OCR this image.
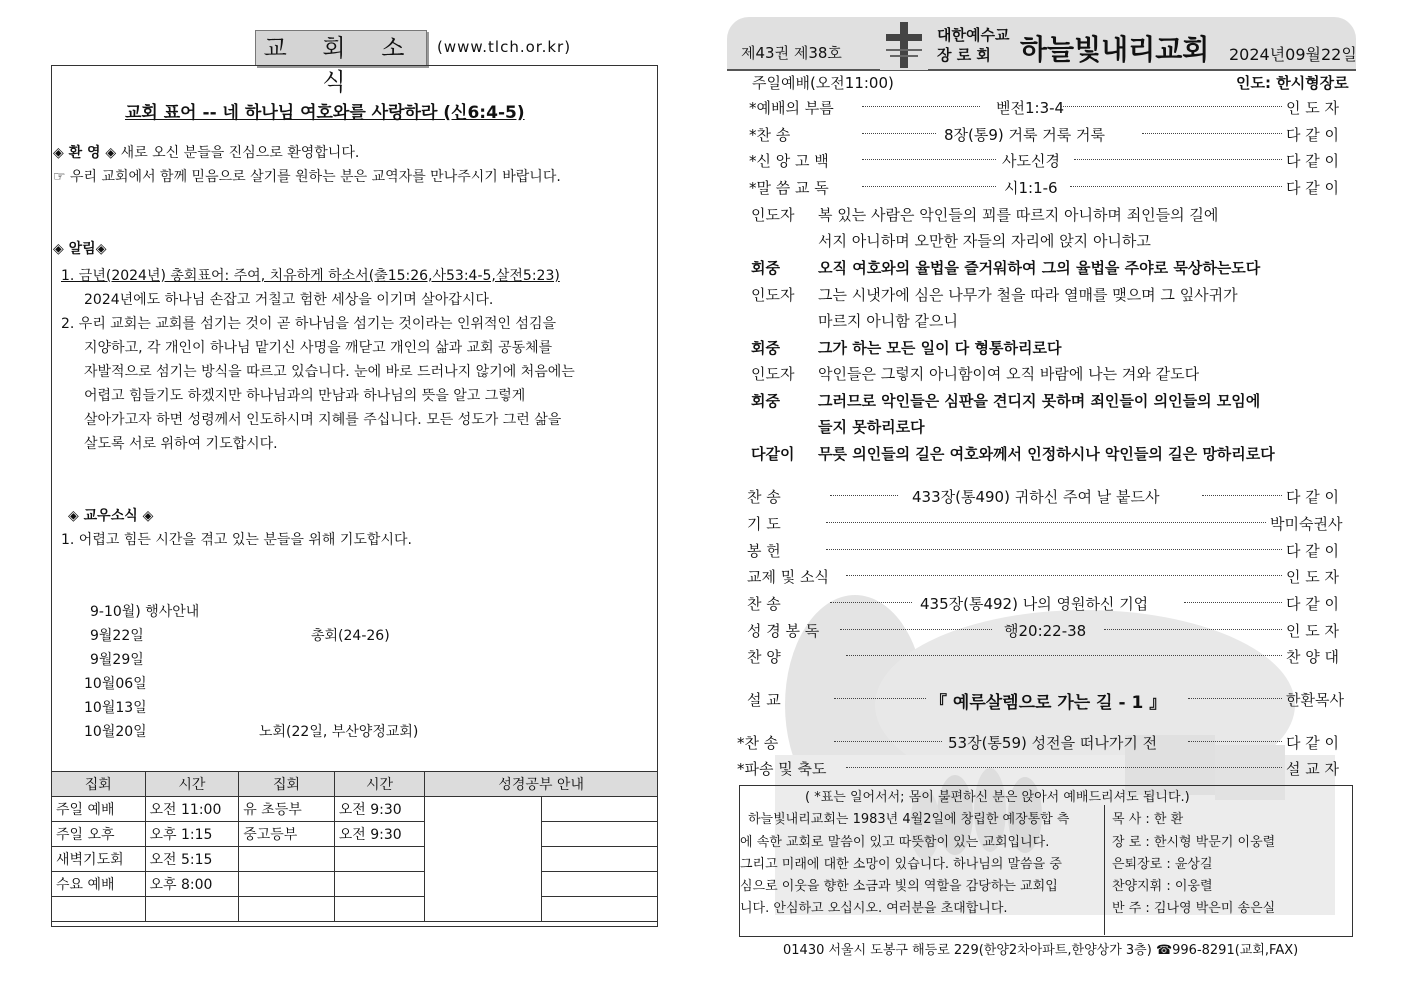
교 회 소 식
(www.tlch.or.kr)
교회 표어 -- 네 하나님 여호와를 사랑하라 (신6:4-5)
◈ 환 영 ◈ 새로 오신 분들을 진심으로 환영합니다.
☞ 우리 교회에서 함께 믿음으로 살기를 원하는 분은 교역자를 만나주시기 바랍니다.
◈ 알림◈
1. 금년(2024년) 총회표어: 주여, 치유하게 하소서(출15:26,사53:4-5,살전5:23)
2024년에도 하나님 손잡고 거칠고 험한 세상을 이기며 살아갑시다.
2. 우리 교회는 교회를 섬기는 것이 곧 하나님을 섬기는 것이라는 인위적인 섬김을
지양하고, 각 개인이 하나님 맡기신 사명을 깨닫고 개인의 삶과 교회 공동체를
자발적으로 섬기는 방식을 따르고 있습니다. 눈에 바로 드러나지 않기에 처음에는
어렵고 힘들기도 하겠지만 하나님과의 만남과 하나님의 뜻을 알고 그렇게
살아가고자 하면 성령께서 인도하시며 지혜를 주십니다. 모든 성도가 그런 삶을
살도록 서로 위하여 기도합시다.
◈ 교우소식 ◈
1. 어렵고 힘든 시간을 겪고 있는 분들을 위해 기도합시다.
9-10월) 행사안내
9월22일	총회(24-26)
9월29일
10월06일
10월13일
10월20일	노회(22일, 부산양정교회)
집회	시간	집회	시간	성경공부 안내	
주일 예배	오전 11:00	유 초등부	오전 9:30		
주일 오후	오후 1:15	중고등부	오전 9:30		
새벽기도회	오전 5:15				
수요 예배	오후 8:00				

제43권 제38호
대한예수교
장 로 회 하늘빛내리교회 2024년09월22일
주일예배(오전11:00)	인도: 한시형장로
*예배의 부름	벧전1:3-4	인 도 자
*찬 송	8장(통9) 거룩 거룩 거룩	다 같 이
*신 앙 고 백	사도신경	다 같 이
*말 씀 교 독	시1:1-6	다 같 이
인도자 복 있는 사람은 악인들의 꾀를 따르지 아니하며 죄인들의 길에
서지 아니하며 오만한 자들의 자리에 앉지 아니하고
회중	오직 여호와의 율법을 즐거워하여 그의 율법을 주야로 묵상하는도다
인도자 그는 시냇가에 심은 나무가 철을 따라 열매를 맺으며 그 잎사귀가
마르지 아니함 같으니
회중	그가 하는 모든 일이 다 형통하리로다
인도자 악인들은 그렇지 아니함이여 오직 바람에 나는 겨와 같도다
회중	그러므로 악인들은 심판을 견디지 못하며 죄인들이 의인들의 모임에
들지 못하리로다
다같이 무릇 의인들의 길은 여호와께서 인정하시나 악인들의 길은 망하리로다
찬 송	433장(통490) 귀하신 주여 날 붙드사	다 같 이
기 도	박미숙권사
봉 헌	다 같 이
교제 및 소식	인 도 자
찬 송	435장(통492) 나의 영원하신 기업	다 같 이
성 경 봉 독	행20:22-38	인 도 자
찬 양	찬 양 대
설 교	『 예루살렘으로 가는 길 - 1 』	한환목사
*찬 송	53장(통59) 성전을 떠나가기 전	다 같 이
*파송 및 축도	설 교 자
( *표는 일어서서; 몸이 불편하신 분은 앉아서 예배드리셔도 됩니다.)
하늘빛내리교회는 1983년 4월2일에 창립한 예장통합 측
에 속한 교회로 말씀이 있고 따뜻함이 있는 교회입니다.
그리고 미래에 대한 소망이 있습니다. 하나님의 말씀을 중
심으로 이웃을 향한 소금과 빛의 역할을 감당하는 교회입
니다. 안심하고 오십시오. 여러분을 초대합니다.
목 사 : 한 환
장 로 : 한시형 박문기 이웅렬
은퇴장로 : 윤상길
찬양지휘 : 이웅렬
반 주 : 김나영 박은미 송은실
01430 서울시 도봉구 해등로 229(한양2차아파트,한양상가 3층) ☎996-8291(교회,FAX)
